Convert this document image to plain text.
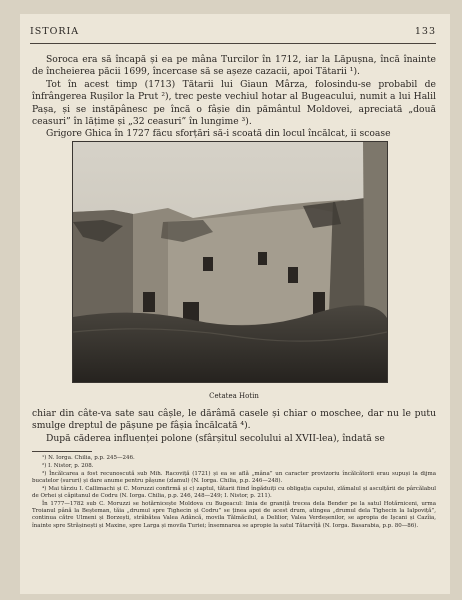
ISTORIA	133

Soroca era să încapă și ea pe mâna Turcilor în 1712, iar la Lăpușna, încă înainte de încheierea păcii 1699, încercase să se așeze cazacii, apoi Tătarii ¹).

Tot în acest timp (1713) Tătarii lui Giaun Mârza, folosindu-se probabil de înfrângerea Rușilor la Prut ²), trec peste vechiul hotar al Bugeacului, numit a lui Halil Pașa, și se instăpânesc pe încă o fâșie din pământul Moldovei, apreciată „două ceasuri” în lățime și „32 ceasuri” în lungime ³).

Grigore Ghica în 1727 făcu sforțări să-i scoată din locul încălcat, ii scoase

Cetatea Hotin

chiar din câte-va sate sau câșle, le dărâmă casele și chiar o moschee, dar nu le putu smulge dreptul de pășune pe fâșia încălcată ⁴).

După căderea influenței polone (sfârșitul secolului al XVII-lea), îndată se

¹) N. Iorga. Chilia, p.p. 245—246.

²) I. Nistor, p. 208.

³) Încălcarea a fost recunoscută sub Mih. Racoviță (1721) și ea se află „mâna” un caracter provizoriu încălcătorii erau supuși la dijma bucatelor (sururi) și dare anume pentru pășune (zlamul) (N. Iorga. Chilia, p.p. 246—248).

⁴) Mai târziu I. Callimachi și C. Moruzzi confirmă și c) zaptul, tătarii fiind îngăduiți cu obligația capului, zlămalul și asculțării de pârcălabul de Orhei și căpitanul de Codru (N. Iorga. Chilia, p.p. 246, 248—249; I. Nistor, p. 211).

În 1777—1782 sub C. Moruzzi se hotărnicește Moldova cu Bugeacul: linia de graniță trecea dela Bender pe la satul Hotărniceni, urma Troianul până la Beșteman, tăia „drumul spre Tighecin și Codru” se ținea apoi de acest drum, atingea „drumul dela Tighecin la Ialpoviță”, continua către Ulmeni și Borzești, străbătea Valea Adâncă, movila Tălmăcilul, a Delilior, Valea Verdeșenilor, se apropia de Ișcani și Cazîia, înainte spre Strășinești și Maxine, spre Larga și movila Turiei; însemnarea se apropie la satul Tătarvîță (N. Iorga. Basarabia, p.p. 80—86).
